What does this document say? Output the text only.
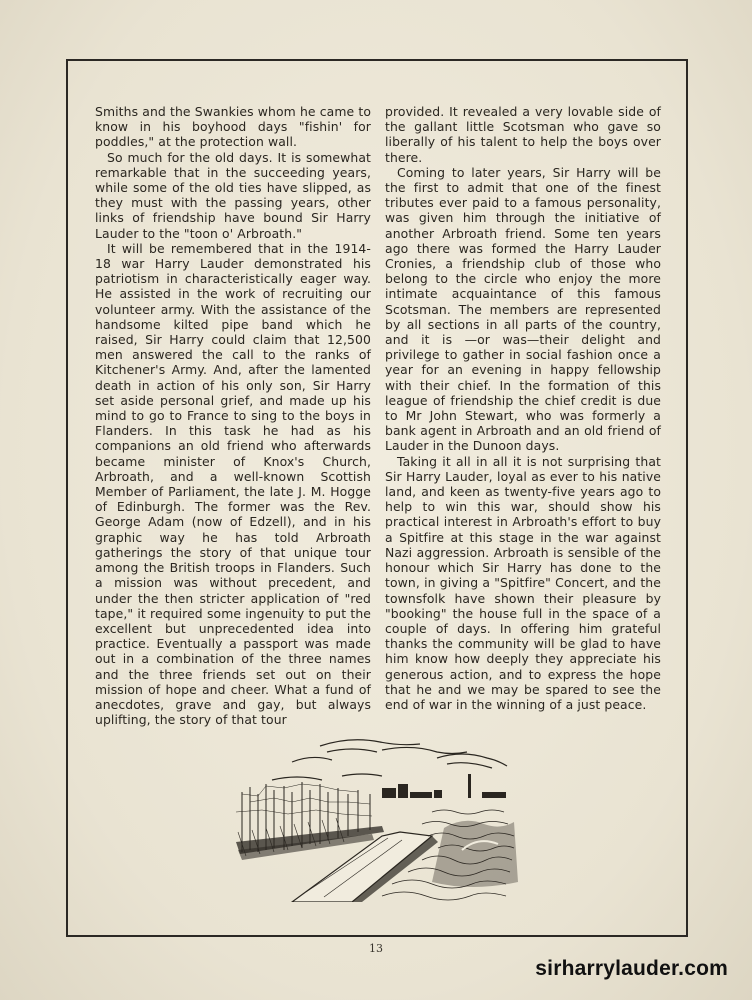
Smiths and the Swankies whom he came to know in his boyhood days "fishin' for poddles," at the protection wall.

So much for the old days. It is somewhat remarkable that in the succeeding years, while some of the old ties have slipped, as they must with the passing years, other links of friendship have bound Sir Harry Lauder to the "toon o' Arbroath."

It will be remembered that in the 1914-18 war Harry Lauder demonstrated his patriotism in characteristically eager way. He assisted in the work of recruiting our volunteer army. With the assistance of the handsome kilted pipe band which he raised, Sir Harry could claim that 12,500 men answered the call to the ranks of Kitchener's Army. And, after the lamented death in action of his only son, Sir Harry set aside personal grief, and made up his mind to go to France to sing to the boys in Flanders. In this task he had as his companions an old friend who afterwards became minister of Knox's Church, Arbroath, and a well-known Scottish Member of Parliament, the late J. M. Hogge of Edinburgh. The former was the Rev. George Adam (now of Edzell), and in his graphic way he has told Arbroath gatherings the story of that unique tour among the British troops in Flanders. Such a mission was without precedent, and under the then stricter application of "red tape," it required some ingenuity to put the excellent but unprecedented idea into practice. Eventually a passport was made out in a combination of the three names and the three friends set out on their mission of hope and cheer. What a fund of anecdotes, grave and gay, but always uplifting, the story of that tour

provided. It revealed a very lovable side of the gallant little Scotsman who gave so liberally of his talent to help the boys over there.

Coming to later years, Sir Harry will be the first to admit that one of the finest tributes ever paid to a famous personality, was given him through the initiative of another Arbroath friend. Some ten years ago there was formed the Harry Lauder Cronies, a friendship club of those who belong to the circle who enjoy the more intimate acquaintance of this famous Scotsman. The members are represented by all sections in all parts of the country, and it is —or was—their delight and privilege to gather in social fashion once a year for an evening in happy fellowship with their chief. In the formation of this league of friendship the chief credit is due to Mr John Stewart, who was formerly a bank agent in Arbroath and an old friend of Lauder in the Dunoon days.

Taking it all in all it is not surprising that Sir Harry Lauder, loyal as ever to his native land, and keen as twenty-five years ago to help to win this war, should show his practical interest in Arbroath's effort to buy a Spitfire at this stage in the war against Nazi aggression. Arbroath is sensible of the honour which Sir Harry has done to the town, in giving a "Spitfire" Concert, and the townsfolk have shown their pleasure by "booking" the house full in the space of a couple of days. In offering him grateful thanks the community will be glad to have him know how deeply they appreciate his generous action, and to express the hope that he and we may be spared to see the end of war in the winning of a just peace.

13
sirharrylauder.com
